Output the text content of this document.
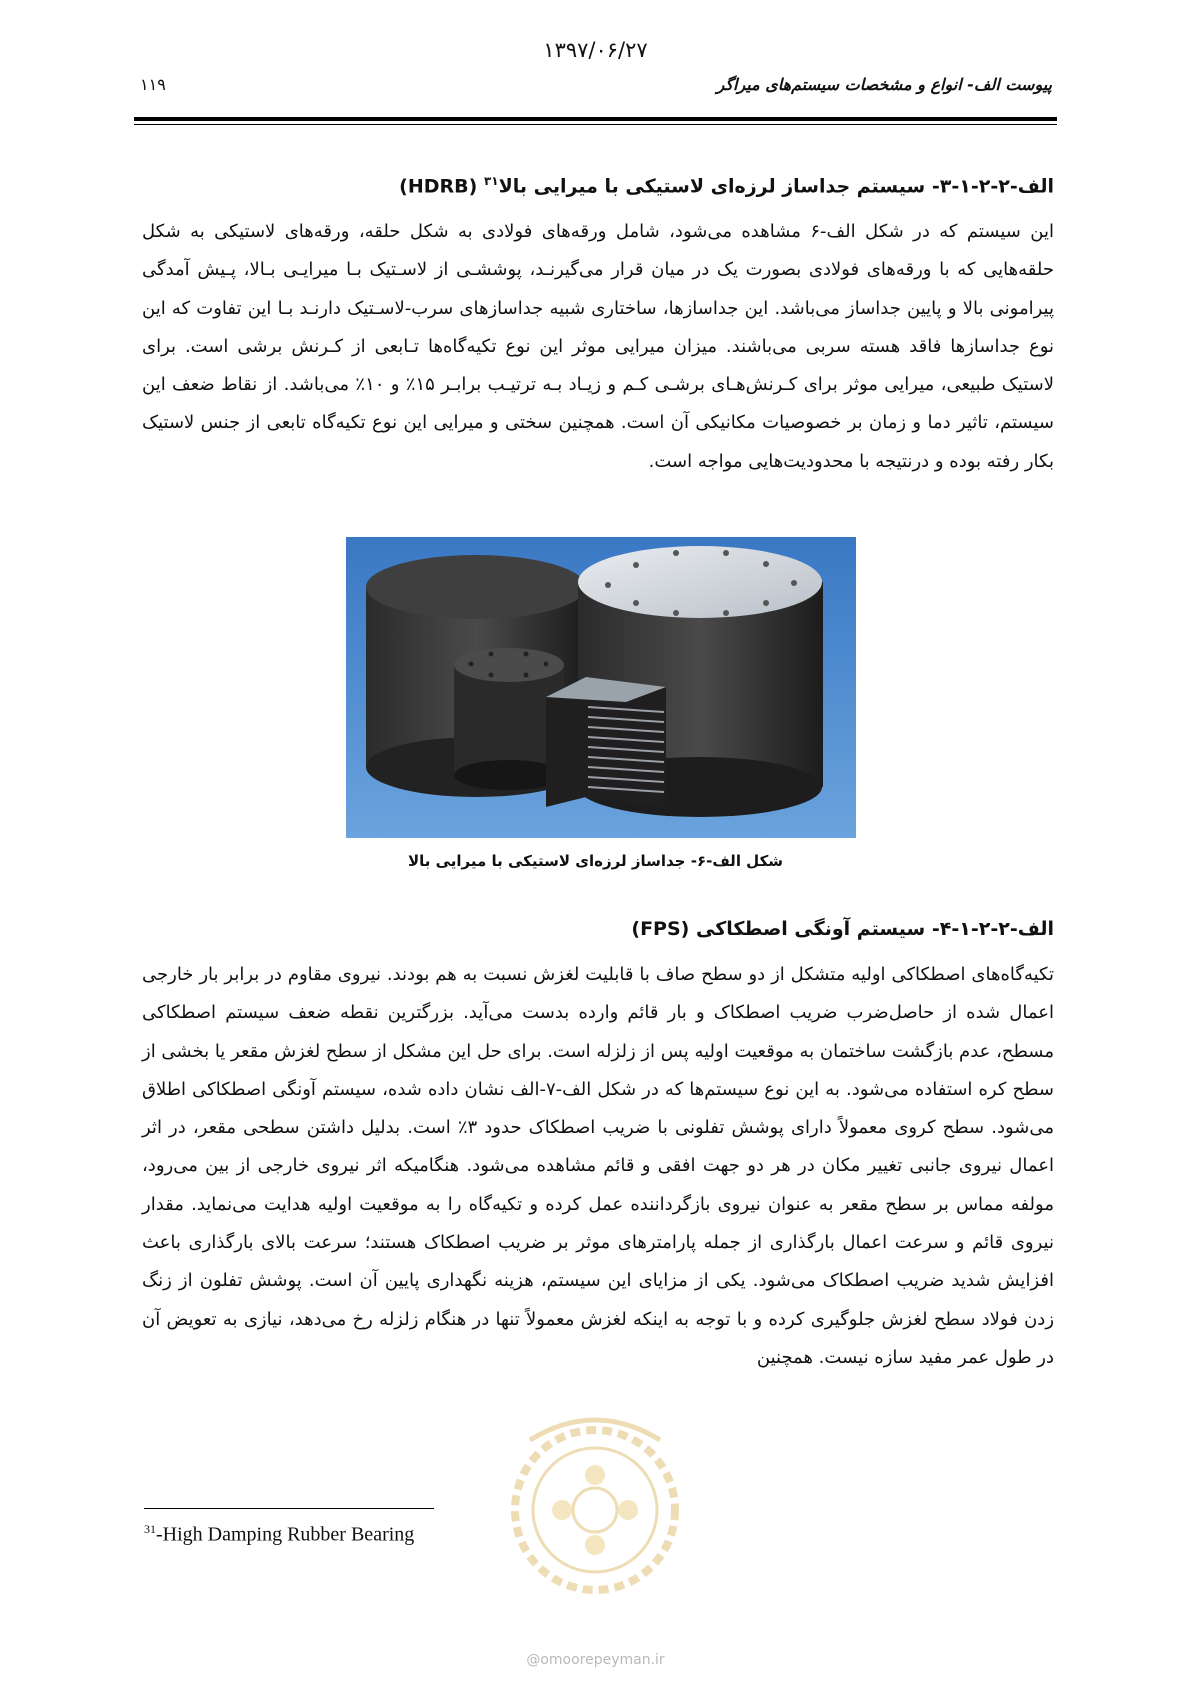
۱۳۹۷/۰۶/۲۷
۱۱۹	پیوست الف- انواع و مشخصات سیستم‌های میراگر

الف-۲-۲-۱-۳- سیستم جداساز لرزه‌ای لاستیکی با میرایی بالا$^{۳۱}$ (HDRB)

این سیستم که در شکل الف-۶ مشاهده می‌شود، شامل ورقه‌های فولادی به شکل حلقه، ورقه‌های لاستیکی به شکل حلقه‌هایی که با ورقه‌های فولادی بصورت یک در میان قرار می‌گیرنـد، پوششـی از لاسـتیک بـا میرایـی بـالا، پـیش آمدگی پیرامونی بالا و پایین جداساز می‌باشد. این جداسازها، ساختاری شبیه جداسازهای سرب-لاسـتیک دارنـد بـا این تفاوت که این نوع جداسازها فاقد هسته سربی می‌باشند. میزان میرایی موثر این نوع تکیه‌گاه‌ها تـابعی از کـرنش برشی است. برای لاستیک طبیعی، میرایی موثر برای کـرنش‌هـای برشـی کـم و زیـاد بـه ترتیـب برابـر ۱۵٪ و ۱۰٪ می‌باشد. از نقاط ضعف این سیستم، تاثیر دما و زمان بر خصوصیات مکانیکی آن است. همچنین سختی و میرایی این نوع تکیه‌گاه تابعی از جنس لاستیک بکار رفته بوده و درنتیجه با محدودیت‌هایی مواجه است.

شکل الف-۶- جداساز لرزه‌ای لاستیکی با میرایی بالا

الف-۲-۲-۱-۴- سیستم آونگی اصطکاکی (FPS)

تکیه‌گاه‌های اصطکاکی اولیه متشکل از دو سطح صاف با قابلیت لغزش نسبت به هم بودند. نیروی مقاوم در برابر بار خارجی اعمال شده از حاصل‌ضرب ضریب اصطکاک و بار قائم وارده بدست می‌آید. بزرگترین نقطه ضعف سیستم اصطکاکی مسطح، عدم بازگشت ساختمان به موقعیت اولیه پس از زلزله است. برای حل این مشکل از سطح لغزش مقعر یا بخشی از سطح کره استفاده می‌شود. به این نوع سیستم‌ها که در شکل الف-۷-الف نشان داده شده، سیستم آونگی اصطکاکی اطلاق می‌شود. سطح کروی معمولاً دارای پوشش تفلونی با ضریب اصطکاک حدود ۳٪ است. بدلیل داشتن سطحی مقعر، در اثر اعمال نیروی جانبی تغییر مکان در هر دو جهت افقی و قائم مشاهده می‌شود. هنگامیکه اثر نیروی خارجی از بین می‌رود، مولفه مماس بر سطح مقعر به عنوان نیروی بازگرداننده عمل کرده و تکیه‌گاه را به موقعیت اولیه هدایت می‌نماید. مقدار نیروی قائم و سرعت اعمال بارگذاری از جمله پارامترهای موثر بر ضریب اصطکاک هستند؛ سرعت بالای بارگذاری باعث افزایش شدید ضریب اصطکاک می‌شود. یکی از مزایای این سیستم، هزینه نگهداری پایین آن است. پوشش تفلون از زنگ زدن فولاد سطح لغزش جلوگیری کرده و با توجه به اینکه لغزش معمولاً تنها در هنگام زلزله رخ می‌دهد، نیازی به تعویض آن در طول عمر مفید سازه نیست. همچنین

$^{31}$-High Damping Rubber Bearing
@omoorepeyman.ir
